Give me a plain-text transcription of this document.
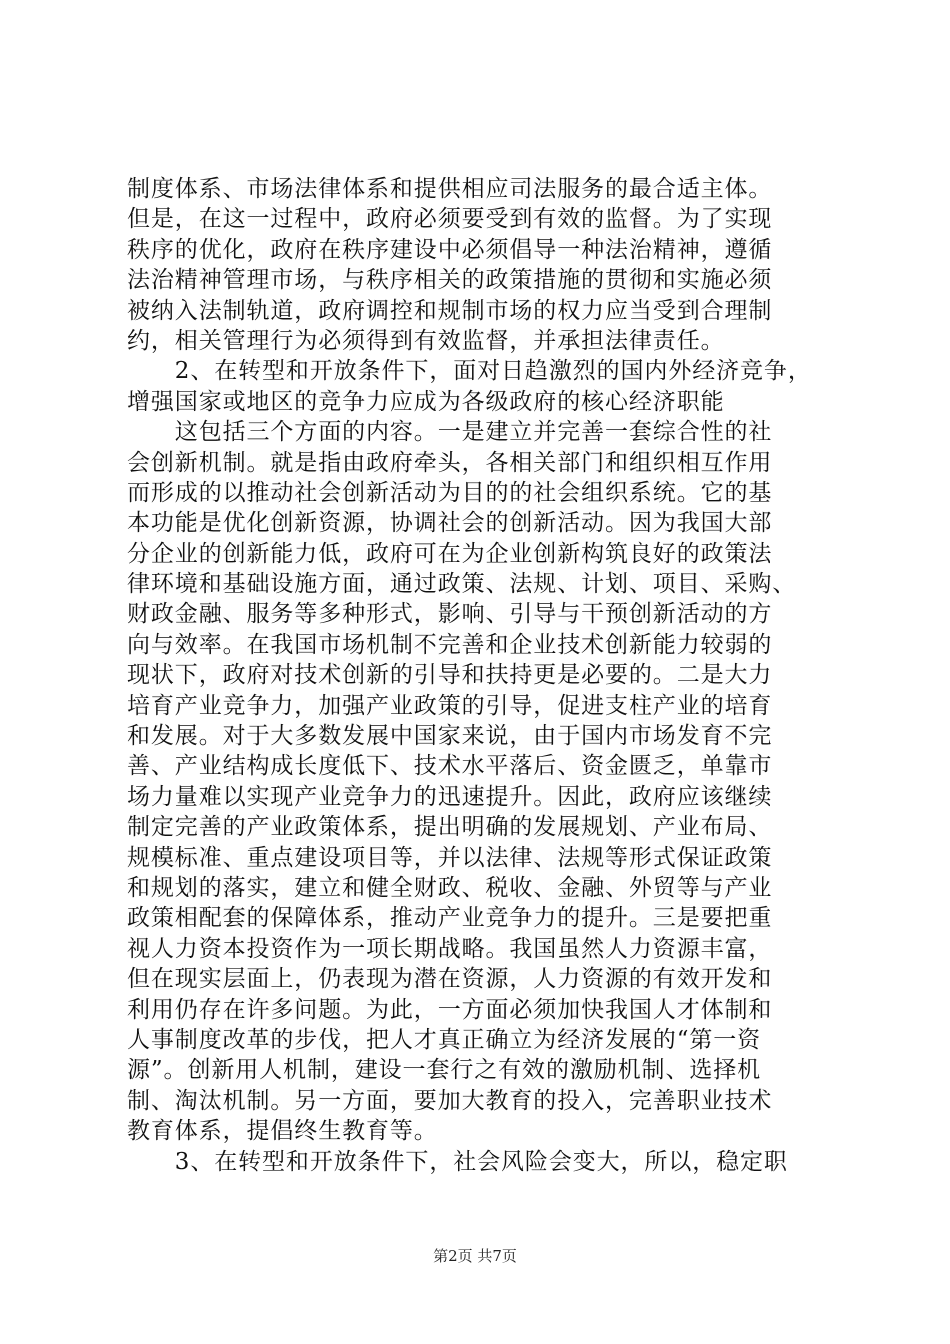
制度体系、市场法律体系和提供相应司法服务的最合适主体。
但是，在这一过程中，政府必须要受到有效的监督。为了实现
秩序的优化，政府在秩序建设中必须倡导一种法治精神，遵循
法治精神管理市场，与秩序相关的政策措施的贯彻和实施必须
被纳入法制轨道，政府调控和规制市场的权力应当受到合理制
约，相关管理行为必须得到有效监督，并承担法律责任。
　　2、在转型和开放条件下，面对日趋激烈的国内外经济竞争，
增强国家或地区的竞争力应成为各级政府的核心经济职能
　　这包括三个方面的内容。一是建立并完善一套综合性的社
会创新机制。就是指由政府牵头，各相关部门和组织相互作用
而形成的以推动社会创新活动为目的的社会组织系统。它的基
本功能是优化创新资源，协调社会的创新活动。因为我国大部
分企业的创新能力低，政府可在为企业创新构筑良好的政策法
律环境和基础设施方面，通过政策、法规、计划、项目、采购、
财政金融、服务等多种形式，影响、引导与干预创新活动的方
向与效率。在我国市场机制不完善和企业技术创新能力较弱的
现状下，政府对技术创新的引导和扶持更是必要的。二是大力
培育产业竞争力，加强产业政策的引导，促进支柱产业的培育
和发展。对于大多数发展中国家来说，由于国内市场发育不完
善、产业结构成长度低下、技术水平落后、资金匮乏，单靠市
场力量难以实现产业竞争力的迅速提升。因此，政府应该继续
制定完善的产业政策体系，提出明确的发展规划、产业布局、
规模标准、重点建设项目等，并以法律、法规等形式保证政策
和规划的落实，建立和健全财政、税收、金融、外贸等与产业
政策相配套的保障体系，推动产业竞争力的提升。三是要把重
视人力资本投资作为一项长期战略。我国虽然人力资源丰富，
但在现实层面上，仍表现为潜在资源，人力资源的有效开发和
利用仍存在许多问题。为此，一方面必须加快我国人才体制和
人事制度改革的步伐，把人才真正确立为经济发展的“第一资
源”。创新用人机制，建设一套行之有效的激励机制、选择机
制、淘汰机制。另一方面，要加大教育的投入，完善职业技术
教育体系，提倡终生教育等。
　　3、在转型和开放条件下，社会风险会变大，所以，稳定职
第2页 共7页
